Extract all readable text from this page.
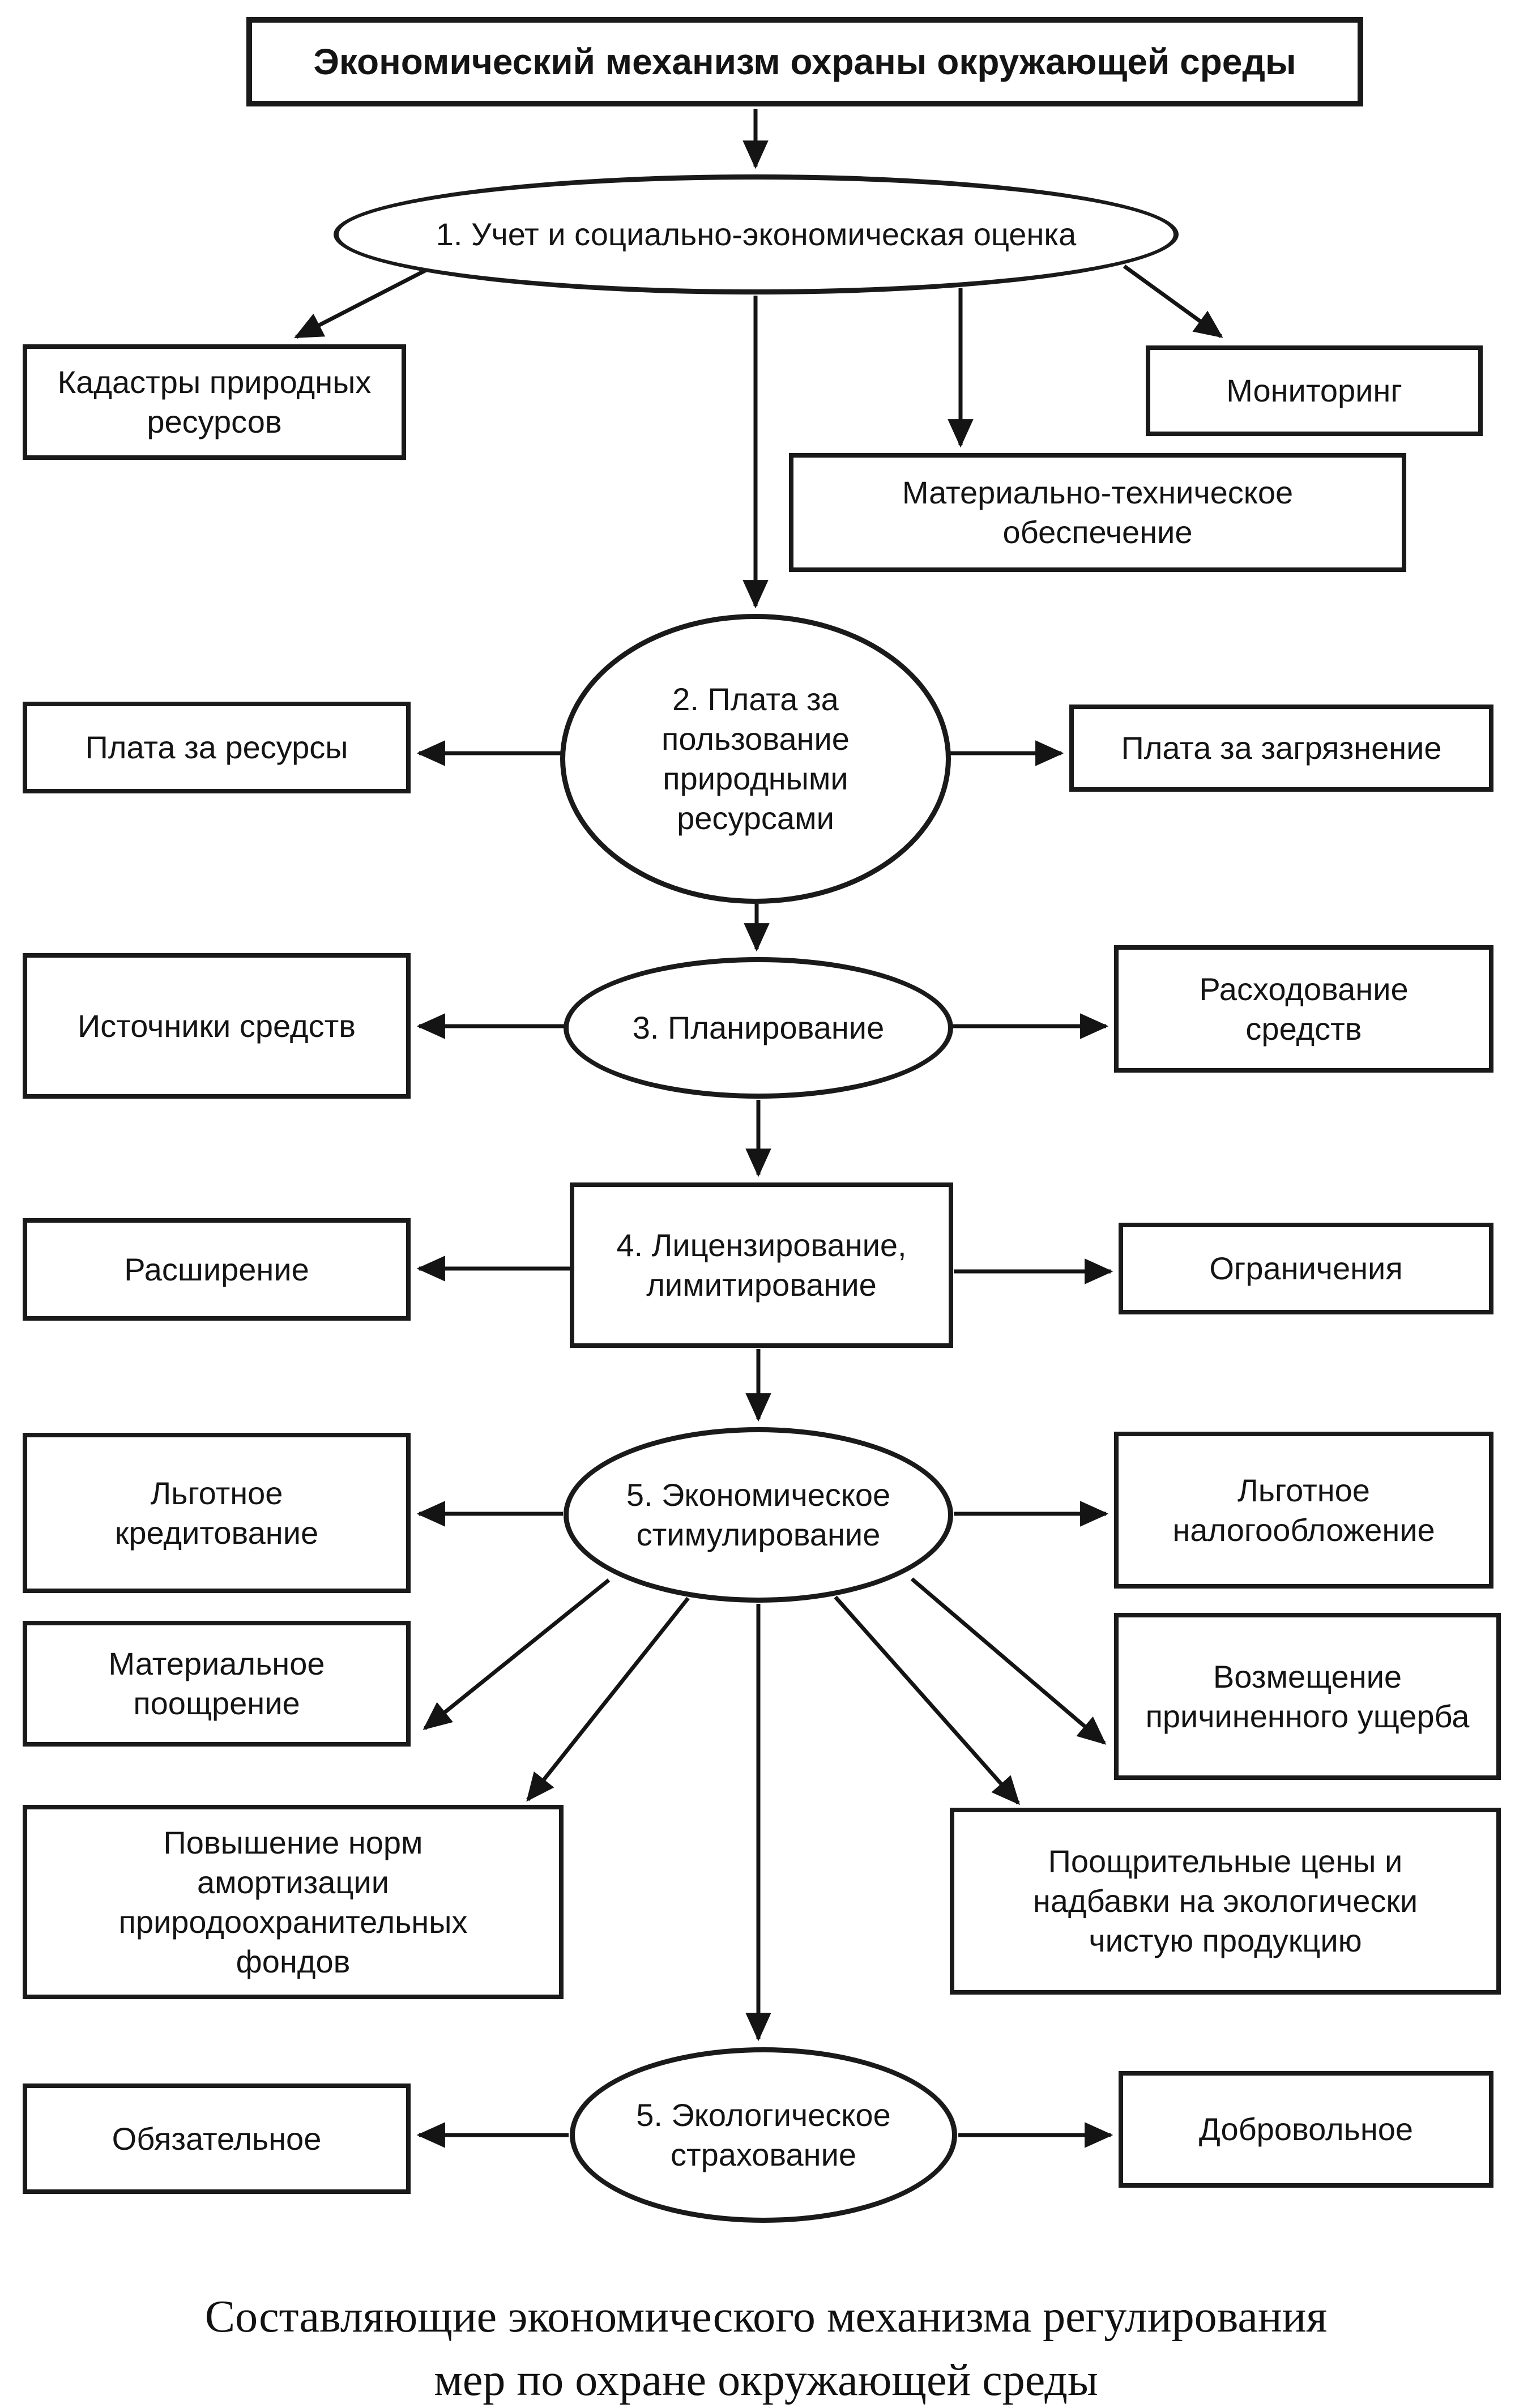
Экономический механизм охраны окружающей среды
1. Учет и социально-экономическая оценка
Кадастры природных ресурсов
Мониторинг
Материально-техническое обеспечение
2. Плата за пользование природными ресурсами
Плата за ресурсы	Плата за загрязнение
3. Планирование
Источники средств
Расходование средств
4. Лицензирование, лимитирование
Расширение	Ограничения
5. Экономическое стимулирование
Льготное кредитование
Льготное налогообложение
Материальное поощрение
Возмещение причиненного ущерба
Повышение норм амортизации природоохранительных фондов
Поощрительные цены и надбавки на экологически чистую продукцию
5. Экологическое страхование
Обязательное	Добровольное
Составляющие экономического механизма регулирования
мер по охране окружающей среды
